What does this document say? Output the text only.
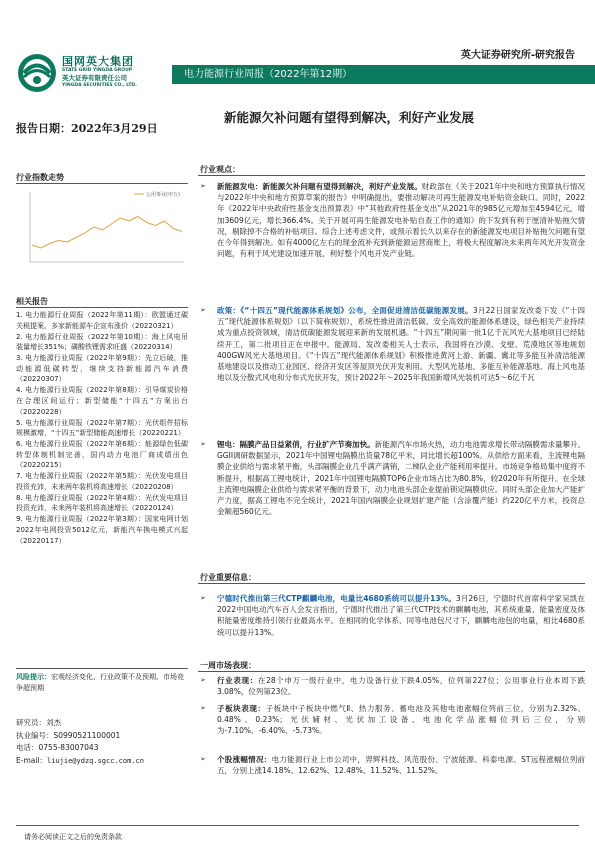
国网英大集团
STATE GRID YINGDA GROUP
英大证券有限责任公司
YINGDA SECURITIES CO., LTD.
英大证券研究所-研究报告
电力能源行业周报（2022年第12期）
报告日期：2022年3月29日
新能源欠补问题有望得到解决，利好产业发展
行业指数走势
公用事业(申万)
相关报告
1. 电力能源行业周报（2022年第11期）：欧盟通过碳关税提案，多家新能源车企宣布涨价（20220321）
2. 电力能源行业周报（2022年第10期）：海上风电吊装量增长351%；磷酸铁锂需求旺盛（20220314）
3. 电力能源行业周报（2022年第9期）：先立后破，推动能源低碳转型，继续支持新能源汽车消费（20220307）
4. 电力能源行业周报（2022年第8期）：引导煤炭价格在合理区间运行；新型储能“十四五”方案出台（20220228）
5. 电力能源行业周报（2022年第7期）：光伏组件招标规模激增，“十四五”新型储能高速增长（20220221）
6. 电力能源行业周报（2022年第6期）：能源绿色低碳转型体制机制完善，国内动力电池厂商成绩出色（20220215）
7. 电力能源行业周报（2022年第5期）：光伏发电项目投资充沛，未来两年装机将高速增长（20220208）
8. 电力能源行业周报（2022年第4期）：光伏发电项目投资充沛，未来两年装机将高速增长（20220124）
9. 电力能源行业周报（2022年第3期）：国家电网计划2022年电网投资5012亿元，新能汽车换电模式兴起（20220117）
风险提示：宏观经济变化、行业政策不及预期、市场竞争超预期
研究员：刘杰
执业编号：S0990521100001
电话：0755-83007043
E-mail：liujie@ydzq.sgcc.com.cn
行业观点：
➢ 新能源发电：新能源欠补问题有望得到解决，利好产业发展。财政部在《关于2021年中央和地方预算执行情况与2022年中央和地方预算草案的报告》中明确提出，要推动解决可再生能源发电补贴资金缺口。同时，2022年《2022年中央政府性基金支出预算表》中“其他政府性基金支出”从2021年的985亿元增加至4594亿元，增加3609亿元，增长366.4%。关于开展可再生能源发电补贴自查工作的通知》的下发到有利于厘清补贴拖欠情况，剔除掉不合格的补贴项目。综合上述考虑文件，或预示着长久以来存在的新能源发电项目补贴拖欠问题有望在今年得到解决。如有4000亿左右的现金流补充到新能源运营商账上，将极大程度解决未来两年风光开发资金问题，有利于风光建设加速开展，利好整个风电开发产业链。
➢ 政策：《“十四五”现代能源体系规划》公布，全面促进清洁低碳能源发展。3月22日国家发改委下发《“十四五”现代能源体系规划》（以下简称规划），系统性推进清洁低碳、安全高效的能源体系建设，绿色相关产业持续成为重点投资领域，清洁低碳能源发展迎来新的发展机遇。“十四五”期间第一批1亿千瓦风光大基地项目已经陆续开工，第二批项目正在申报中。能源局、发改委相关人士表示，我国将在沙漠、戈壁、荒漠地区等地规划400GW风光大基地项目。《“十四五”现代能源体系规划》积极推进黄河上游、新疆、冀北等多能互补清洁能源基地建设以及推动工业园区、经济开发区等屋顶光伏开发利用。大型风光基地、多能互补能源基地、海上风电基地以及分散式风电和分布式光伏开发，预计2022年～2025年我国新增风光装机可达5～6亿千瓦
➢ 锂电：隔膜产品日益紧俏，行业扩产节奏加快。新能源汽车市场火热，动力电池需求增长带动隔膜需求量攀升。GGII调研数据显示，2021年中国锂电隔膜出货量78亿平米，同比增长超100%。从供给方面来看，主流锂电隔膜企业供给与需求紧平衡，头部隔膜企业几乎满产满销，二梯队企业产能利用率提升。市场竞争格局集中度将不断提升，根据高工锂电统计，2021年中国锂电隔膜TOP6企业市场占比为80.8%，较2020年有所提升。在全球主流锂电隔膜企业供给与需求紧平衡的背景下，动力电池头部企业提前锁定隔膜供应。同时头部企业加大产能扩产力度，据高工锂电不完全统计，2021年国内隔膜企业规划扩建产能（含涂覆产能）约220亿平方米，投资总金额超560亿元。
行业重要信息：
➢ 宁德时代推出第三代CTP麒麟电池，电量比4680系统可以提升13%。3月26日，宁德时代首席科学家吴凯在2022中国电动汽车百人会发言指出，宁德时代推出了第三代CTP技术的麒麟电池，其系统重量、能量密度及体积能量密度维持引领行业最高水平。在相同的化学体系、同等电池包尺寸下，麒麟电池包的电量，相比4680系统可以提升13%。
一周市场表现：
➢ 行业表现：在28个申万一级行业中，电力设备行业下跌4.05%，位列第227位；公用事业行业本周下跌3.08%，位列第23位。
➢ 子板块表现：子板块中子板块中燃气Ⅱ、热力服务、蓄电池及其他电池涨幅位列前三位，分别为2.32%、0.48%、0.23%；光伏辅材、光伏加工设备、电池化学品涨幅位列后三位，分别为-7.10%、-6.40%、-5.73%。
➢ 个股涨幅情况：电力能源行业上市公司中，羿辉科技、风范股份、宁波能源、科泰电源、ST远程涨幅位列前五，分别上涨14.18%、12.62%、12.48%、11.52%、11.52%。
请务必阅读正文之后的免责条款
